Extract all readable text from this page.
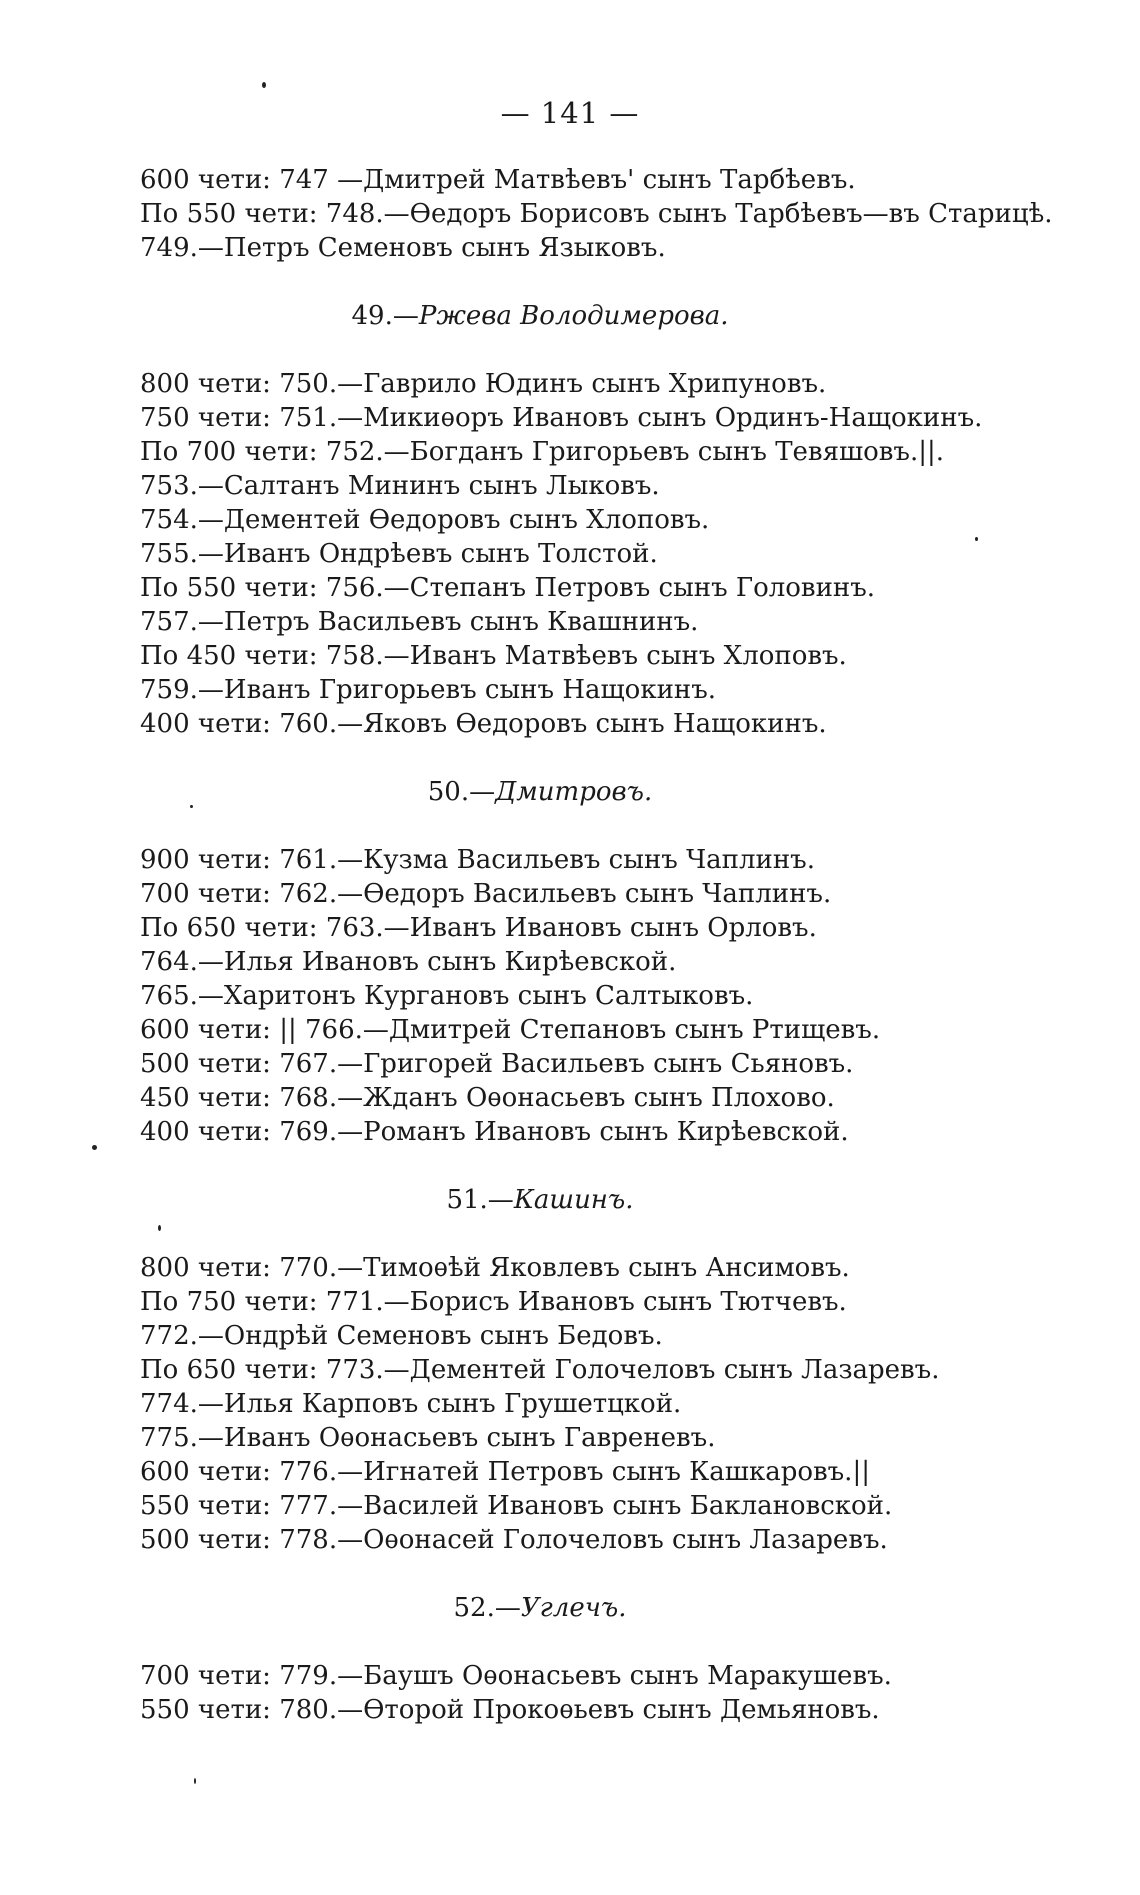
— 141 —
600 чети: 747 —Дмитрей Матвѣевъ' сынъ Тарбѣевъ.
По 550 чети: 748.—Ѳедоръ Борисовъ сынъ Тарбѣевъ—въ Старицѣ.
749.—Петръ Семеновъ сынъ Языковъ.
49.—Ржева Володимерова.
800 чети: 750.—Гаврило Юдинъ сынъ Хрипуновъ.
750 чети: 751.—Микиѳоръ Ивановъ сынъ Ординъ-Нащокинъ.
По 700 чети: 752.—Богданъ Григорьевъ сынъ Тевяшовъ.||.
753.—Салтанъ Мининъ сынъ Лыковъ.
754.—Дементей Ѳедоровъ сынъ Хлоповъ.
755.—Иванъ Ондрѣевъ сынъ Толстой.
По 550 чети: 756.—Степанъ Петровъ сынъ Головинъ.
757.—Петръ Васильевъ сынъ Квашнинъ.
По 450 чети: 758.—Иванъ Матвѣевъ сынъ Хлоповъ.
759.—Иванъ Григорьевъ сынъ Нащокинъ.
400 чети: 760.—Яковъ Ѳедоровъ сынъ Нащокинъ.
50.—Дмитровъ.
900 чети: 761.—Кузма Васильевъ сынъ Чаплинъ.
700 чети: 762.—Ѳедоръ Васильевъ сынъ Чаплинъ.
По 650 чети: 763.—Иванъ Ивановъ сынъ Орловъ.
764.—Илья Ивановъ сынъ Кирѣевской.
765.—Харитонъ Кургановъ сынъ Салтыковъ.
600 чети: || 766.—Дмитрей Степановъ сынъ Ртищевъ.
500 чети: 767.—Григорей Васильевъ сынъ Сьяновъ.
450 чети: 768.—Жданъ Оѳонасьевъ сынъ Плохово.
400 чети: 769.—Романъ Ивановъ сынъ Кирѣевской.
51.—Кашинъ.
800 чети: 770.—Тимоѳѣй Яковлевъ сынъ Ансимовъ.
По 750 чети: 771.—Борисъ Ивановъ сынъ Тютчевъ.
772.—Ондрѣй Семеновъ сынъ Бедовъ.
По 650 чети: 773.—Дементей Голочеловъ сынъ Лазаревъ.
774.—Илья Карповъ сынъ Грушетцкой.
775.—Иванъ Оѳонасьевъ сынъ Гавреневъ.
600 чети: 776.—Игнатей Петровъ сынъ Кашкаровъ.||
550 чети: 777.—Василей Ивановъ сынъ Баклановской.
500 чети: 778.—Оѳонасей Голочеловъ сынъ Лазаревъ.
52.—Углечъ.
700 чети: 779.—Баушъ Оѳонасьевъ сынъ Маракушевъ.
550 чети: 780.—Ѳторой Прокоѳьевъ сынъ Демьяновъ.
